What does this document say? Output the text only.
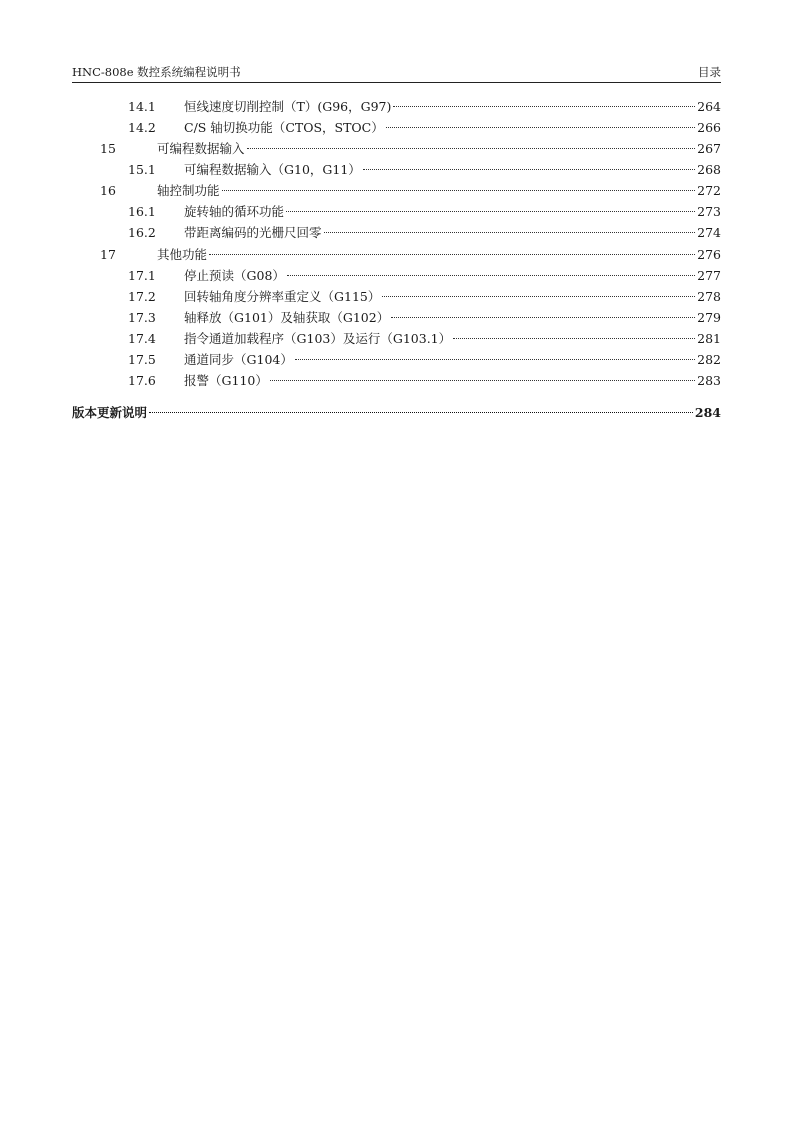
HNC-808e 数控系统编程说明书	目录
14.1 恒线速度切削控制（T）(G96，G97)	264
14.2 C/S 轴切换功能（CTOS，STOC）	266
15	可编程数据输入	267
15.1 可编程数据输入（G10，G11）	268
16	轴控制功能	272
16.1 旋转轴的循环功能	273
16.2 带距离编码的光栅尺回零	274
17	其他功能	276
17.1 停止预读（G08）	277
17.2 回转轴角度分辨率重定义（G115）	278
17.3 轴释放（G101）及轴获取（G102）	279
17.4 指令通道加载程序（G103）及运行（G103.1）	281
17.5 通道同步（G104）	282
17.6 报警（G110）	283
版本更新说明	284
